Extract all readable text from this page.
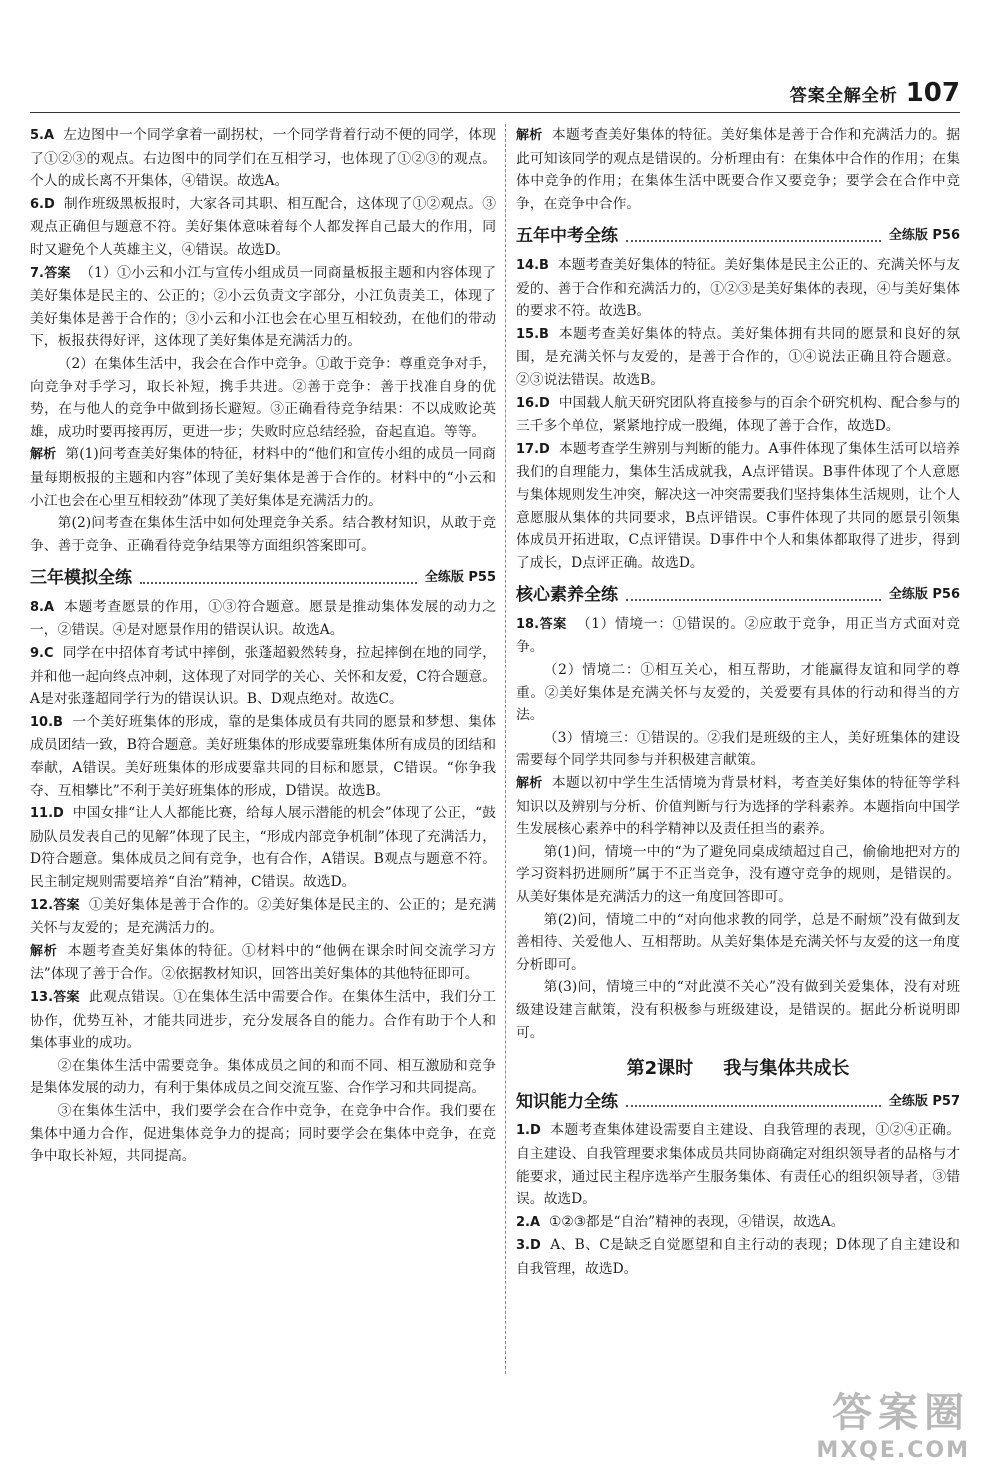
答案全解全析 107
5.A 左边图中一个同学拿着一副拐杖，一个同学背着行动不便的同学，体现了①②③的观点。右边图中的同学们在互相学习，也体现了①②③的观点。个人的成长离不开集体，④错误。故选A。
6.D 制作班级黑板报时，大家各司其职、相互配合，这体现了①②观点。③观点正确但与题意不符。美好集体意味着每个人都发挥自己最大的作用，同时又避免个人英雄主义，④错误。故选D。
7.答案 （1）①小云和小江与宣传小组成员一同商量板报主题和内容体现了美好集体是民主的、公正的；②小云负责文字部分，小江负责美工，体现了美好集体是善于合作的；③小云和小江也会在心里互相较劲，在他们的带动下，板报获得好评，这体现了美好集体是充满活力的。
（2）在集体生活中，我会在合作中竞争。①敢于竞争：尊重竞争对手，向竞争对手学习，取长补短，携手共进。②善于竞争：善于找准自身的优势，在与他人的竞争中做到扬长避短。③正确看待竞争结果：不以成败论英雄，成功时要再接再厉，更进一步；失败时应总结经验，奋起直追。等等。
解析 第(1)问考查美好集体的特征，材料中的“他们和宣传小组的成员一同商量每期板报的主题和内容”体现了美好集体是善于合作的。材料中的“小云和小江也会在心里互相较劲”体现了美好集体是充满活力的。
第(2)问考查在集体生活中如何处理竞争关系。结合教材知识，从敢于竞争、善于竞争、正确看待竞争结果等方面组织答案即可。
三年模拟全练	全练版 P55
8.A 本题考查愿景的作用，①③符合题意。愿景是推动集体发展的动力之一，②错误。④是对愿景作用的错误认识。故选A。
9.C 同学在中招体育考试中摔倒，张蓬超毅然转身，拉起摔倒在地的同学，并和他一起向终点冲刺，这体现了对同学的关心、关怀和友爱，C符合题意。A是对张蓬超同学行为的错误认识。B、D观点绝对。故选C。
10.B 一个美好班集体的形成，靠的是集体成员有共同的愿景和梦想、集体成员团结一致，B符合题意。美好班集体的形成要靠班集体所有成员的团结和奉献，A错误。美好班集体的形成要靠共同的目标和愿景，C错误。“你争我夺、互相攀比”不利于美好班集体的形成，D错误。故选B。
11.D 中国女排“让人人都能比赛，给每人展示潜能的机会”体现了公正，“鼓励队员发表自己的见解”体现了民主，“形成内部竞争机制”体现了充满活力，D符合题意。集体成员之间有竞争，也有合作，A错误。B观点与题意不符。民主制定规则需要培养“自治”精神，C错误。故选D。
12.答案 ①美好集体是善于合作的。②美好集体是民主的、公正的；是充满关怀与友爱的；是充满活力的。
解析 本题考查美好集体的特征。①材料中的“他俩在课余时间交流学习方法”体现了善于合作。②依据教材知识，回答出美好集体的其他特征即可。
13.答案 此观点错误。①在集体生活中需要合作。在集体生活中，我们分工协作，优势互补，才能共同进步，充分发展各自的能力。合作有助于个人和集体事业的成功。
②在集体生活中需要竞争。集体成员之间的和而不同、相互激励和竞争是集体发展的动力，有利于集体成员之间交流互鉴、合作学习和共同提高。
③在集体生活中，我们要学会在合作中竞争，在竞争中合作。我们要在集体中通力合作，促进集体竞争力的提高；同时要学会在集体中竞争，在竞争中取长补短，共同提高。
解析 本题考查美好集体的特征。美好集体是善于合作和充满活力的。据此可知该同学的观点是错误的。分析理由有：在集体中合作的作用；在集体中竞争的作用；在集体生活中既要合作又要竞争；要学会在合作中竞争，在竞争中合作。
五年中考全练	全练版 P56
14.B 本题考查美好集体的特征。美好集体是民主公正的、充满关怀与友爱的、善于合作和充满活力的，①②③是美好集体的表现，④与美好集体的要求不符。故选B。
15.B 本题考查美好集体的特点。美好集体拥有共同的愿景和良好的氛围，是充满关怀与友爱的，是善于合作的，①④说法正确且符合题意。②③说法错误。故选B。
16.D 中国载人航天研究团队将直接参与的百余个研究机构、配合参与的三千多个单位，紧紧地拧成一股绳，体现了善于合作，故选D。
17.D 本题考查学生辨别与判断的能力。A事件体现了集体生活可以培养我们的自理能力，集体生活成就我，A点评错误。B事件体现了个人意愿与集体规则发生冲突，解决这一冲突需要我们坚持集体生活规则，让个人意愿服从集体的共同要求，B点评错误。C事件体现了共同的愿景引领集体成员开拓进取，C点评错误。D事件中个人和集体都取得了进步，得到了成长，D点评正确。故选D。
核心素养全练	全练版 P56
18.答案 （1）情境一：①错误的。②应敢于竞争，用正当方式面对竞争。
（2）情境二：①相互关心，相互帮助，才能赢得友谊和同学的尊重。②美好集体是充满关怀与友爱的，关爱要有具体的行动和得当的方法。
（3）情境三：①错误的。②我们是班级的主人，美好班集体的建设需要每个同学共同参与并积极建言献策。
解析 本题以初中学生生活情境为背景材料，考查美好集体的特征等学科知识以及辨别与分析、价值判断与行为选择的学科素养。本题指向中国学生发展核心素养中的科学精神以及责任担当的素养。
第(1)问，情境一中的“为了避免同桌成绩超过自己，偷偷地把对方的学习资料扔进厕所”属于不正当竞争，没有遵守竞争的规则，是错误的。从美好集体是充满活力的这一角度回答即可。
第(2)问，情境二中的“对向他求教的同学，总是不耐烦”没有做到友善相待、关爱他人、互相帮助。从美好集体是充满关怀与友爱的这一角度分析即可。
第(3)问，情境三中的“对此漠不关心”没有做到关爱集体，没有对班级建设建言献策，没有积极参与班级建设，是错误的。据此分析说明即可。
第2课时 我与集体共成长
知识能力全练	全练版 P57
1.D 本题考查集体建设需要自主建设、自我管理的表现，①②④正确。自主建设、自我管理要求集体成员共同协商确定对组织领导者的品格与才能要求，通过民主程序选举产生服务集体、有责任心的组织领导者，③错误。故选D。
2.A ①②③都是“自治”精神的表现，④错误，故选A。
3.D A、B、C是缺乏自觉愿望和自主行动的表现；D体现了自主建设和自我管理，故选D。
答案圈
MXQE.COM
